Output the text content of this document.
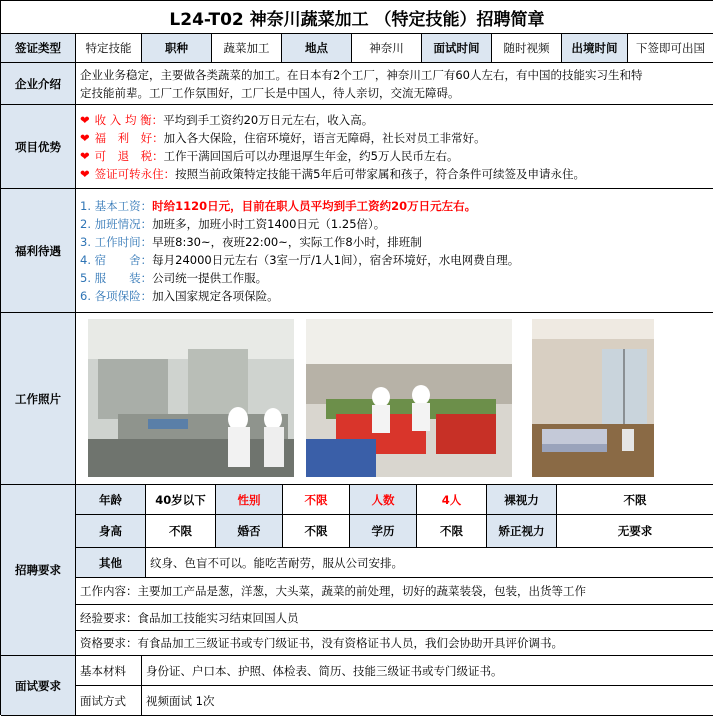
L24-T02 神奈川蔬菜加工 （特定技能）招聘简章
签证类型	特定技能	职种	蔬菜加工	地点	神奈川	面试时间	随时视频	出境时间	下签即可出国
企业介绍
企业业务稳定，主要做各类蔬菜的加工。在日本有2个工厂，神奈川工厂有60人左右，有中国的技能实习生和特
定技能前辈。工厂工作氛围好，工厂长是中国人，待人亲切，交流无障碍。
项目优势
❤ 收 入 均 衡：平均到手工资约20万日元左右，收入高。
❤ 福　利　好：加入各大保险，住宿环境好，语言无障碍，社长对员工非常好。
❤ 可　退　税：工作干满回国后可以办理退厚生年金，约5万人民币左右。
❤ 签证可转永住：按照当前政策特定技能干满5年后可带家属和孩子，符合条件可续签及申请永住。
福利待遇
1. 基本工资：时给1120日元，目前在职人员平均到手工资约20万日元左右。
2. 加班情况：加班多，加班小时工资1400日元（1.25倍）。
3. 工作时间：早班8:30~，夜班22:00~，实际工作8小时，排班制
4. 宿　　舍：每月24000日元左右（3室一厅/1人1间），宿舍环境好，水电网费自理。
5. 服　　装：公司统一提供工作服。
6. 各项保险：加入国家规定各项保险。
工作照片
招聘要求
年龄	40岁以下	性别	不限	人数	4人	裸视力	不限
身高	不限	婚否	不限	学历	不限	矫正视力	无要求
其他	纹身、色盲不可以。能吃苦耐劳，服从公司安排。
工作内容：主要加工产品是葱，洋葱，大头菜，蔬菜的前处理，切好的蔬菜装袋，包装，出货等工作
经验要求：食品加工技能实习结束回国人员
资格要求：有食品加工三级证书或专门级证书，没有资格证书人员，我们会协助开具评价调书。
面试要求
基本材料	身份证、户口本、护照、体检表、简历、技能三级证书或专门级证书。
面试方式	视频面试 1次
